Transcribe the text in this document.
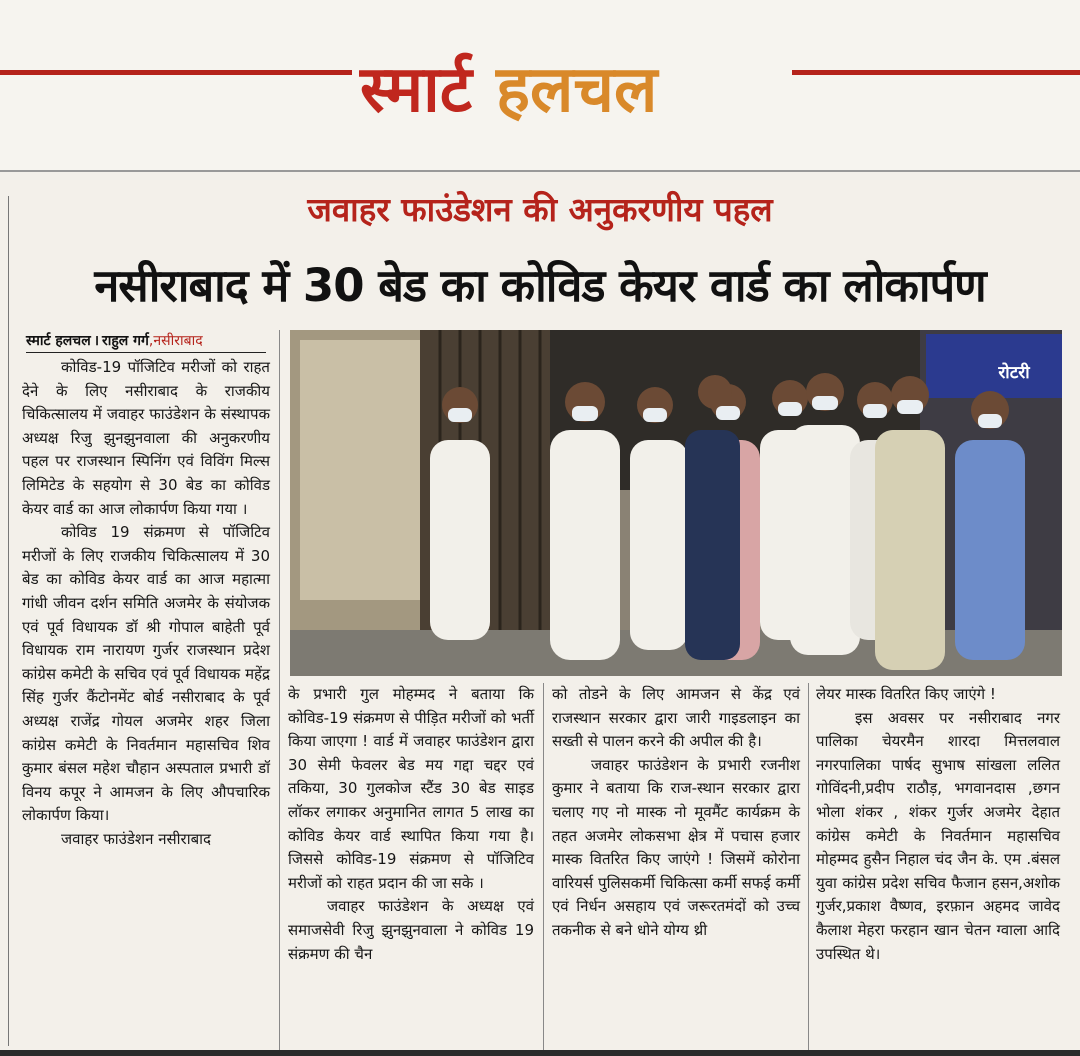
स्मार्ट हलचल
जवाहर फाउंडेशन की अनुकरणीय पहल
नसीराबाद में 30 बेड का कोविड केयर वार्ड का लोकार्पण
स्मार्ट हलचल । राहुल गर्ग,नसीराबाद
रोटरी

कोविड-19 पॉजिटिव मरीजों को राहत देने के लिए नसीराबाद के राजकीय चिकित्सालय में जवाहर फाउंडेशन के संस्थापक अध्यक्ष रिजु झुनझुनवाला की अनुकरणीय पहल पर राजस्थान स्पिनिंग एवं विविंग मिल्स लिमिटेड के सहयोग से 30 बेड का कोविड केयर वार्ड का आज लोकार्पण किया गया ।

कोविड 19 संक्रमण से पॉजिटिव मरीजों के लिए राजकीय चिकित्सालय में 30 बेड का कोविड केयर वार्ड का आज महात्मा गांधी जीवन दर्शन समिति अजमेर के संयोजक एवं पूर्व विधायक डॉ श्री गोपाल बाहेती पूर्व विधायक राम नारायण गुर्जर राजस्थान प्रदेश कांग्रेस कमेटी के सचिव एवं पूर्व विधायक महेंद्र सिंह गुर्जर कैंटोनमेंट बोर्ड नसीराबाद के पूर्व अध्यक्ष राजेंद्र गोयल अजमेर शहर जिला कांग्रेस कमेटी के निवर्तमान महासचिव शिव कुमार बंसल महेश चौहान अस्पताल प्रभारी डॉ विनय कपूर ने आमजन के लिए औपचारिक लोकार्पण किया।

जवाहर फाउंडेशन नसीराबाद

के प्रभारी गुल मोहम्मद ने बताया कि कोविड-19 संक्रमण से पीड़ित मरीजों को भर्ती किया जाएगा ! वार्ड में जवाहर फाउंडेशन द्वारा 30 सेमी फेवलर बेड मय गद्दा चद्दर एवं तकिया, 30 गुलकोज स्टैंड 30 बेड साइड लॉकर लगाकर अनुमानित लागत 5 लाख का कोविड केयर वार्ड स्थापित किया गया है। जिससे कोविड-19 संक्रमण से पॉजिटिव मरीजों को राहत प्रदान की जा सके ।

जवाहर फाउंडेशन के अध्यक्ष एवं समाजसेवी रिजु झुनझुनवाला ने कोविड 19 संक्रमण की चैन

को तोडने के लिए आमजन से केंद्र एवं राजस्थान सरकार द्वारा जारी गाइडलाइन का सख्ती से पालन करने की अपील की है।

जवाहर फाउंडेशन के प्रभारी रजनीश कुमार ने बताया कि राज-स्थान सरकार द्वारा चलाए गए नो मास्क नो मूवमैंट कार्यक्रम के तहत अजमेर लोकसभा क्षेत्र में पचास हजार मास्क वितरित किए जाएंगे ! जिसमें कोरोना वारियर्स पुलिसकर्मी चिकित्सा कर्मी सफई कर्मी एवं निर्धन असहाय एवं जरूरतमंदों को उच्च तकनीक से बने धोने योग्य थ्री

लेयर मास्क वितरित किए जाएंगे !

इस अवसर पर नसीराबाद नगर पालिका चेयरमैन शारदा मित्तलवाल नगरपालिका पार्षद सुभाष सांखला ललित गोविंदनी,प्रदीप राठौड़, भगवानदास ,छगन भोला शंकर , शंकर गुर्जर अजमेर देहात कांग्रेस कमेटी के निवर्तमान महासचिव मोहम्मद हुसैन निहाल चंद जैन के. एम .बंसल युवा कांग्रेस प्रदेश सचिव फैजान हसन,अशोक गुर्जर,प्रकाश वैष्णव, इरफ़ान अहमद जावेद कैलाश मेहरा फरहान खान चेतन ग्वाला आदि उपस्थित थे।
